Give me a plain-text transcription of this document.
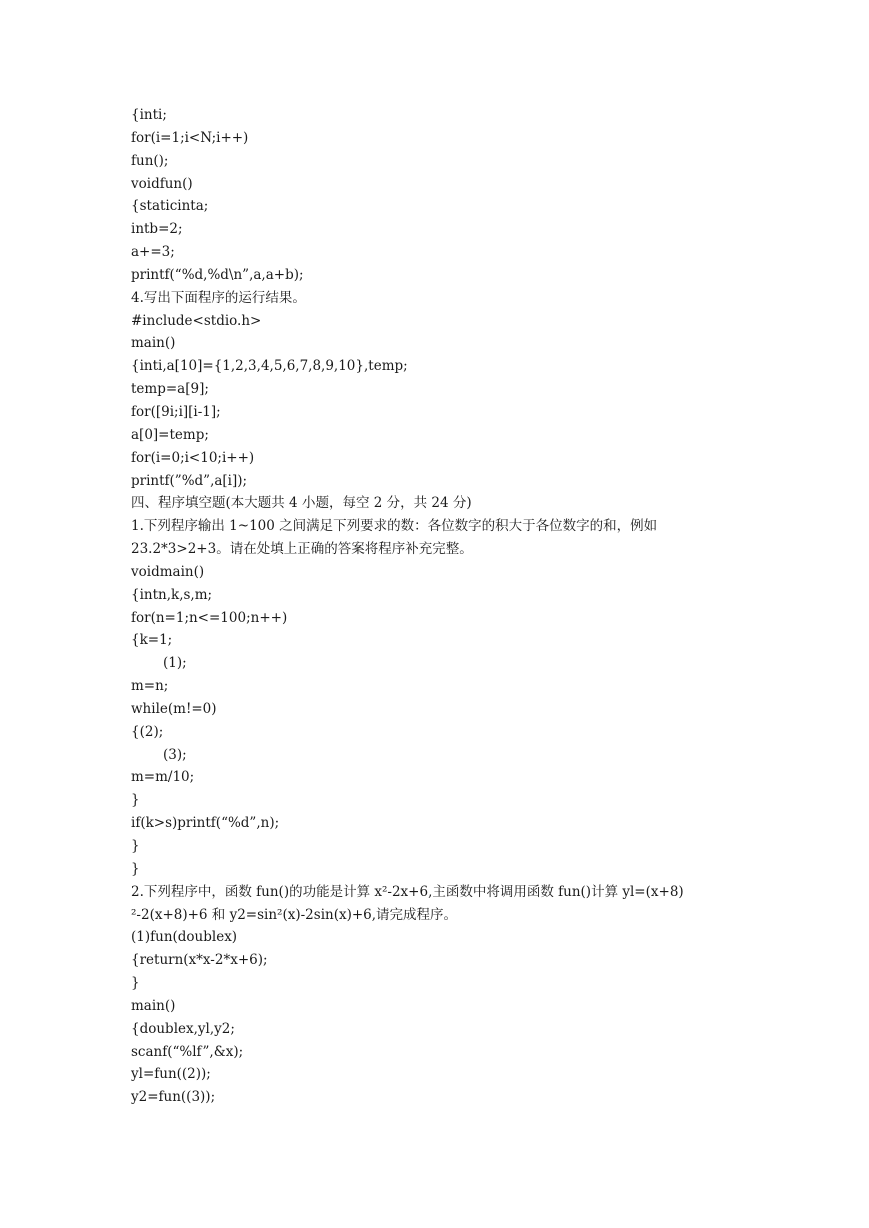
{inti;
for(i=1;i<N;i++)
fun();
voidfun()
{staticinta;
intb=2;
a+=3;
printf(“%d,%d\n”,a,a+b);
4.写出下面程序的运行结果。
#include<stdio.h>
main()
{inti,a[10]={1,2,3,4,5,6,7,8,9,10},temp;
temp=a[9];
for([9i;i][i-1];
a[0]=temp;
for(i=0;i<10;i++)
printf(”%d”,a[i]);
四、程序填空题(本大题共 4 小题，每空 2 分，共 24 分)
1.下列程序输出 1~100 之间满足下列要求的数：各位数字的积大于各位数字的和，例如
23.2*3>2+3。请在处填上正确的答案将程序补充完整。
voidmain()
{intn,k,s,m;
for(n=1;n<=100;n++)
{k=1;
(1);
m=n;
while(m!=0)
{(2);
(3);
m=m/10;
}
if(k>s)printf(“%d”,n);
}
}
2.下列程序中，函数 fun()的功能是计算 x²-2x+6,主函数中将调用函数 fun()计算 yl=(x+8)
²-2(x+8)+6 和 y2=sin²(x)-2sin(x)+6,请完成程序。
(1)fun(doublex)
{return(x*x-2*x+6);
}
main()
{doublex,yl,y2;
scanf(“%lf”,&x);
yl=fun((2));
y2=fun((3));
